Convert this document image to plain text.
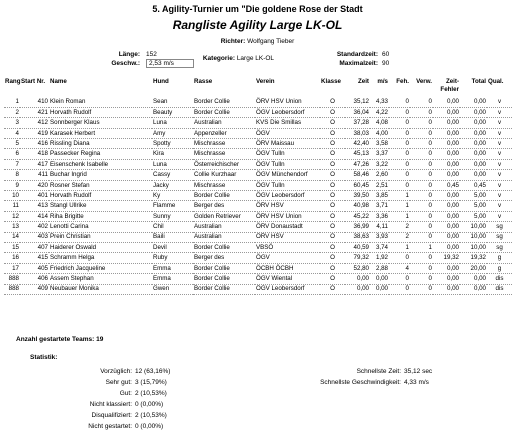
5. Agility-Turnier um "Die goldene Rose der Stadt
Rangliste Agility Large LK-OL
Richter: Wolfgang Tieber
Länge: 152
Geschw.: 2,53 m/s
Kategorie: Large LK-OL
Standardzeit: 60
Maximalzeit: 90
Rang	Start Nr.	Name	Hund	Rasse	Verein	Klasse	Zeit	m/s	Feh.	Verw.	Zeit- Fehler	Total	Qual.
1	410	Klein Roman	Sean	Border Collie	ÖRV HSV Union	O	35,12	4,33	0	0	0,00	0,00	v
2	421	Horvath Rudolf	Beauty	Border Collie	ÖGV Leobersdorf	O	36,04	4,22	0	0	0,00	0,00	v
3	412	Sonnberger Klaus	Luna	Australian	KVS Die Smillas	O	37,28	4,08	0	0	0,00	0,00	v
4	419	Karasek Herbert	Amy	Appenzeller	ÖGV	O	38,03	4,00	0	0	0,00	0,00	v
5	416	Rissling Diana	Spotty	Mischrasse	ÖRV Maissau	O	42,40	3,58	0	0	0,00	0,00	v
6	418	Passecker Regina	Kira	Mischrasse	ÖGV Tulln	O	45,13	3,37	0	0	0,00	0,00	v
7	417	Eisenschenk Isabelle	Luna	Österreichischer	ÖGV Tulln	O	47,26	3,22	0	0	0,00	0,00	v
8	411	Buchar Ingrid	Cassy	Collie Kurzhaar	ÖGV Münchendorf	O	58,46	2,60	0	0	0,00	0,00	v
9	420	Rosner Stefan	Jacky	Mischrasse	ÖGV Tulln	O	60,45	2,51	0	0	0,45	0,45	v
10	401	Horvath Rudolf	Ky	Border Collie	ÖGV Leobersdorf	O	39,50	3,85	1	0	0,00	5,00	v
11	413	Stangl Ullrike	Flamme	Berger des	ÖRV HSV	O	40,98	3,71	1	0	0,00	5,00	v
12	414	Riha Brigitte	Sunny	Golden Retriever	ÖRV HSV Union	O	45,22	3,36	1	0	0,00	5,00	v
13	402	Lenotti Carina	Chil	Australian	ÖRV Donaustadt	O	36,99	4,11	2	0	0,00	10,00	sg
14	403	Prein Christian	Baili	Australian	ÖRV HSV	O	38,63	3,93	2	0	0,00	10,00	sg
15	407	Haiderer Oswald	Devil	Border Collie	VBSÖ	O	40,59	3,74	1	1	0,00	10,00	sg
16	415	Schramm Helga	Ruby	Berger des	ÖGV	O	79,32	1,92	0	0	19,32	19,32	g
17	405	Friedrich Jacqueline	Emma	Border Collie	ÖCBH ÖCBH	O	52,80	2,88	4	0	0,00	20,00	g
888	406	Assem Stephan	Emma	Border Collie	ÖGV Wiental	O	0,00	0,00	0	0	0,00	0,00	dis
888	409	Neubauer Monika	Gwen	Border Collie	ÖGV Leobersdorf	O	0,00	0,00	0	0	0,00	0,00	dis
Anzahl gestartete Teams: 19
Statistik:
Vorzüglich: 12 (63,16%)
Sehr gut: 3 (15,79%)
Gut: 2 (10,53%)
Nicht klassiert: 0 (0,00%)
Disqualifiziert: 2 (10,53%)
Nicht gestartet: 0 (0,00%)
Schnellste Zeit: 35,12 sec
Schnellste Geschwindigkeit: 4,33 m/s
